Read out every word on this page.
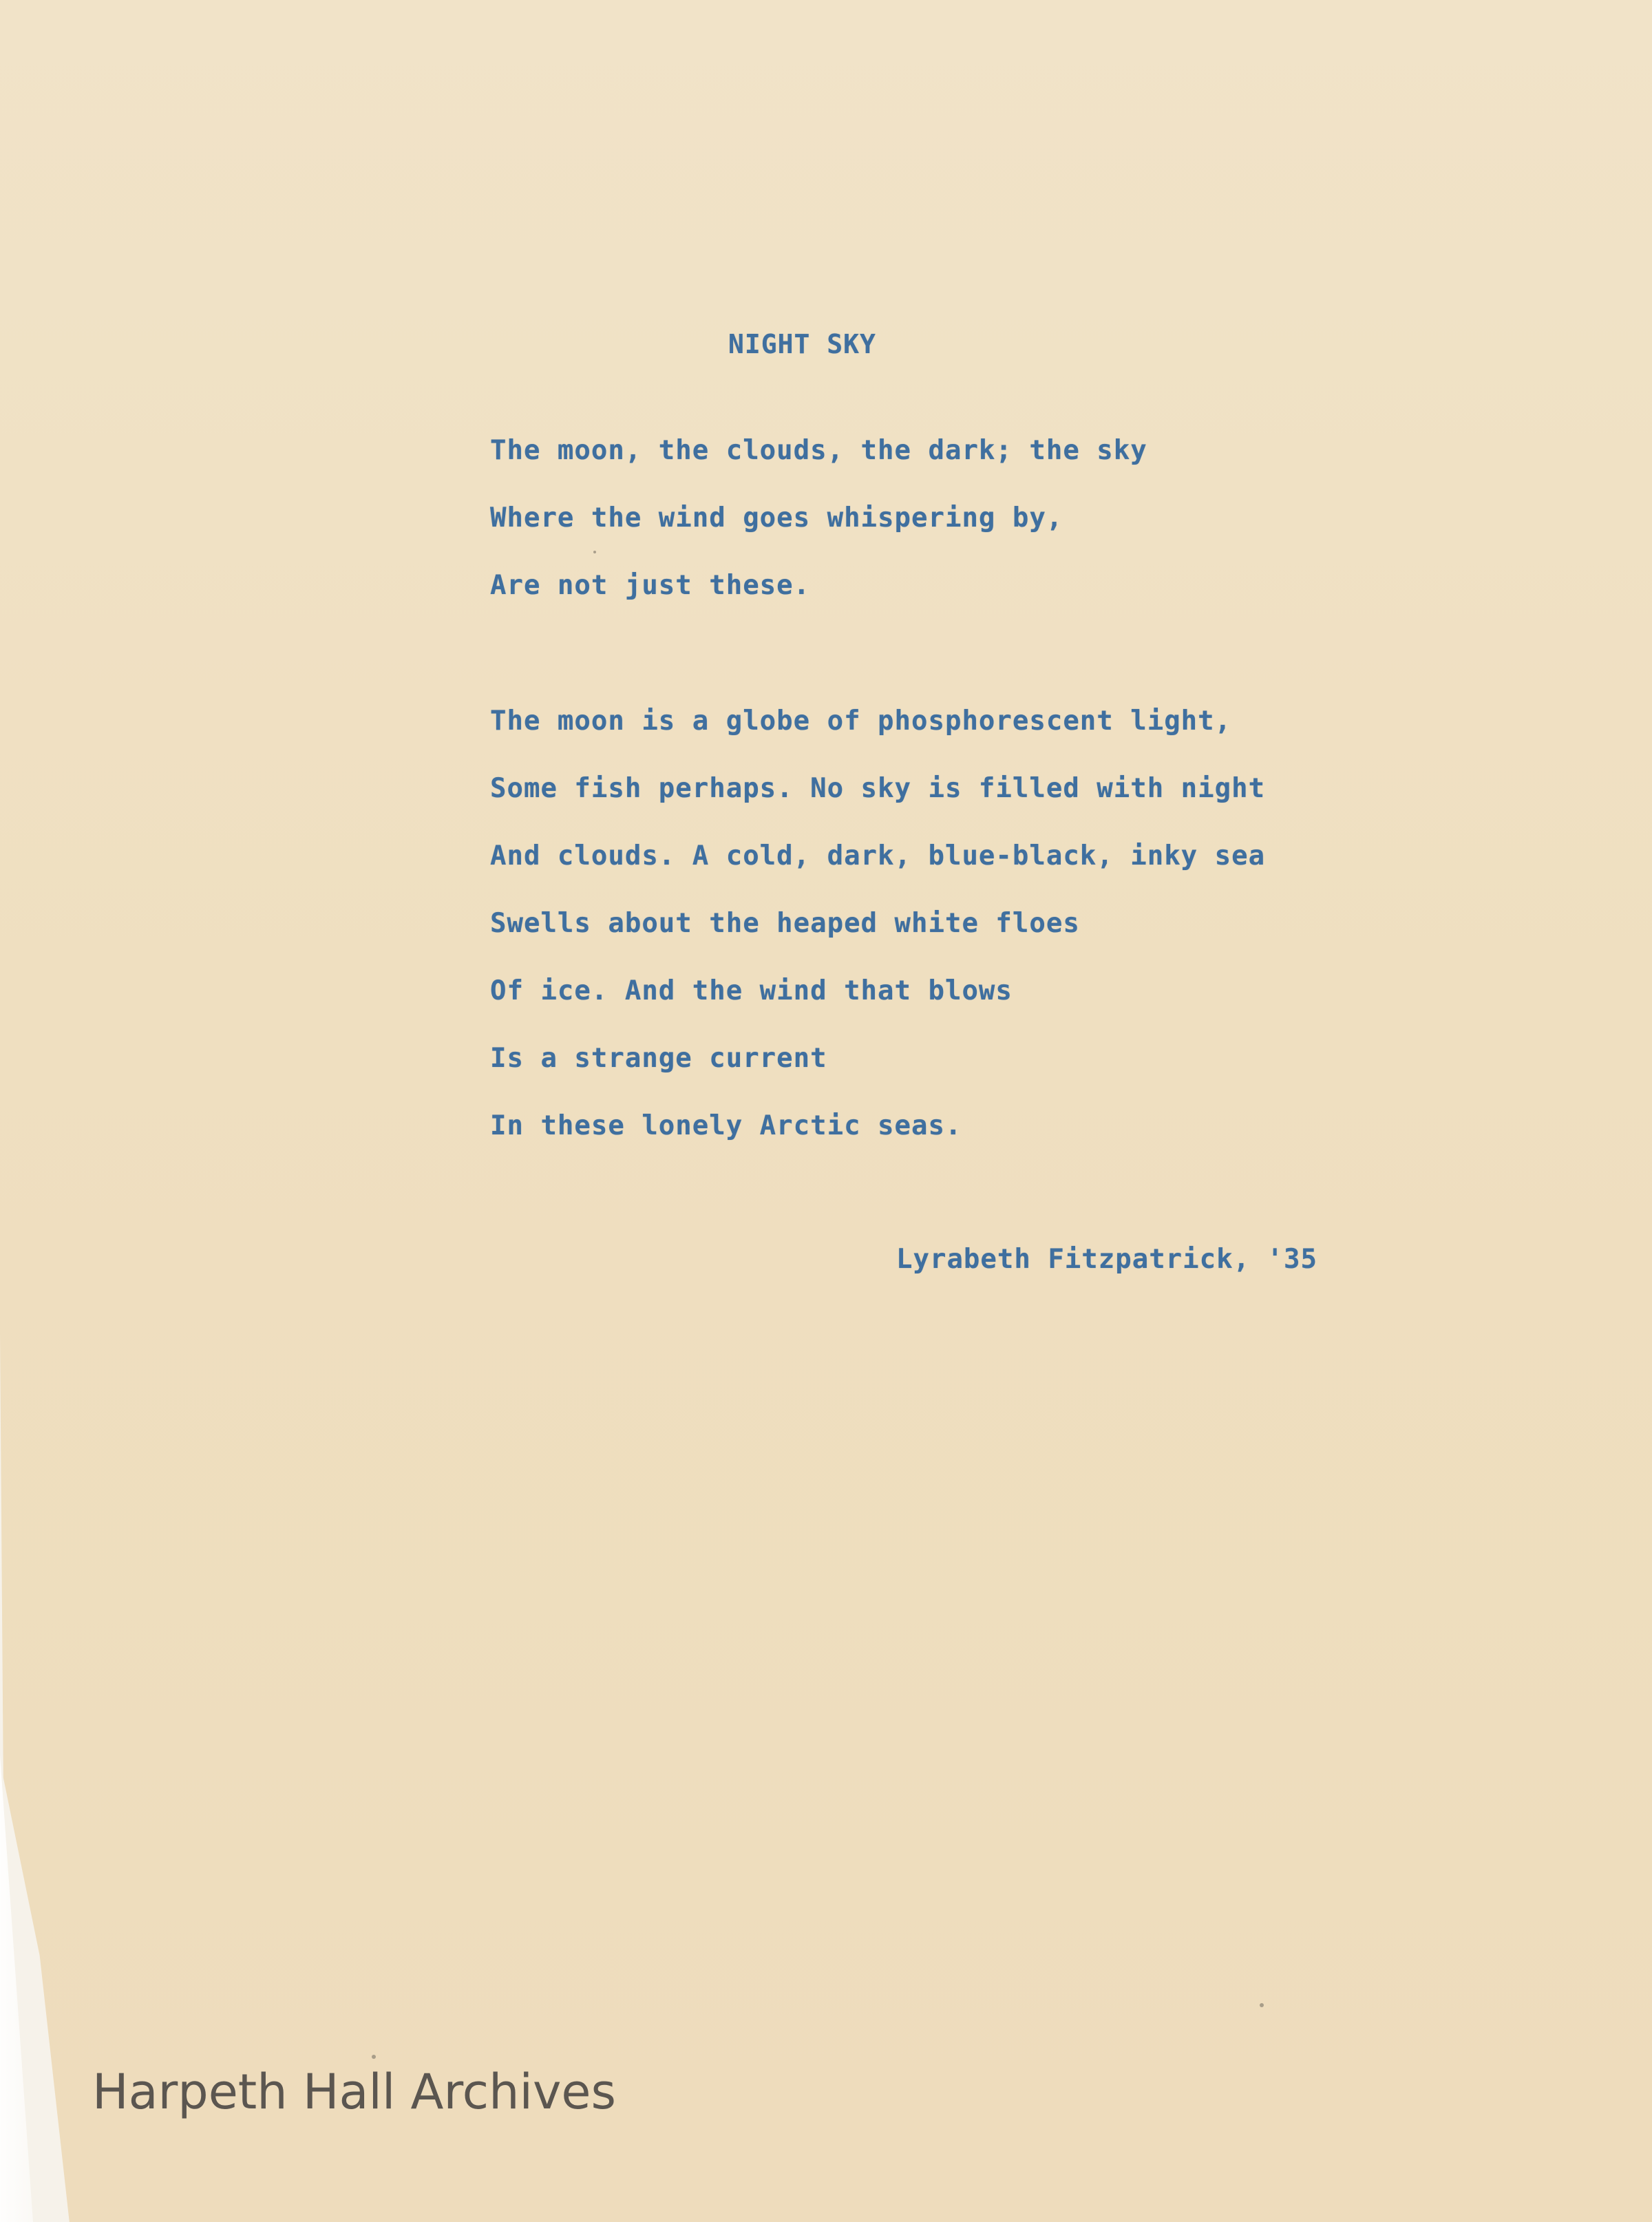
NIGHT SKY
The moon, the clouds, the dark; the sky
Where the wind goes whispering by,
Are not just these.
The moon is a globe of phosphorescent light,
Some fish perhaps. No sky is filled with night
And clouds. A cold, dark, blue-black, inky sea
Swells about the heaped white floes
Of ice. And the wind that blows
Is a strange current
In these lonely Arctic seas.
Lyrabeth Fitzpatrick, '35
Harpeth Hall Archives
